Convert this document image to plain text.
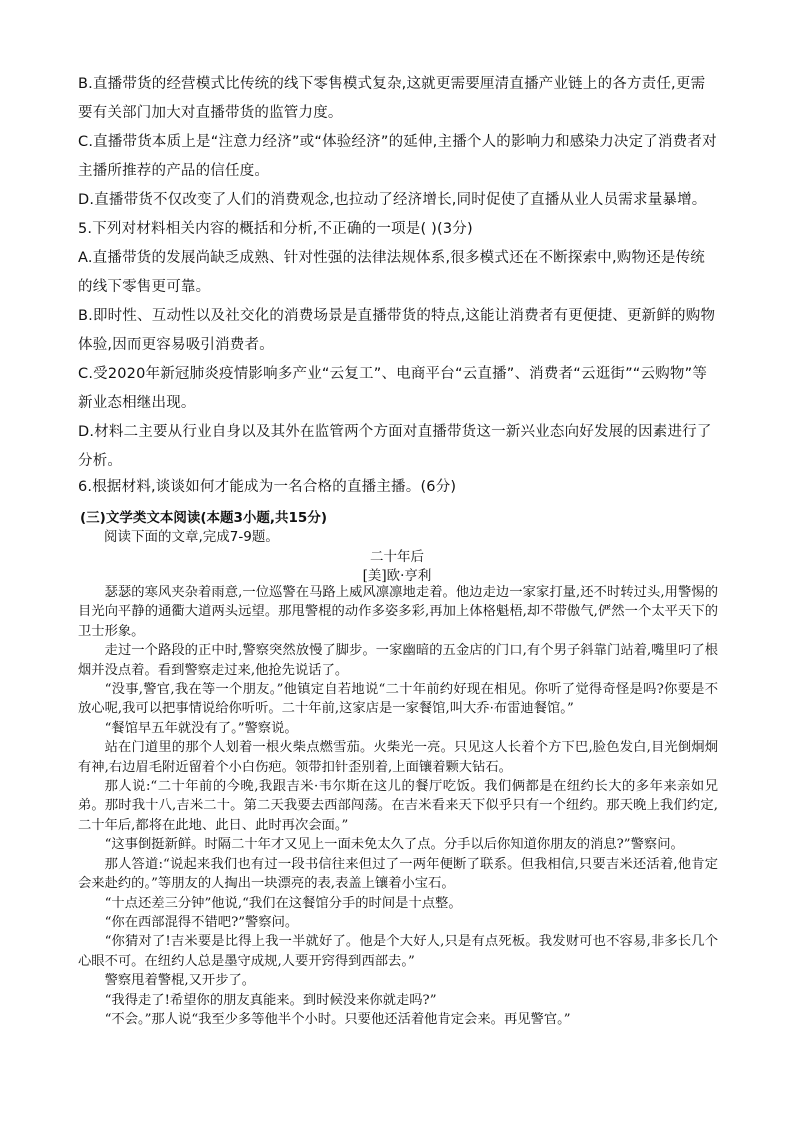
B.直播带货的经营模式比传统的线下零售模式复杂,这就更需要厘清直播产业链上的各方责任,更需要有关部门加大对直播带货的监管力度。
C.直播带货本质上是“注意力经济”或“体验经济”的延伸,主播个人的影响力和感染力决定了消费者对主播所推荐的产品的信任度。
D.直播带货不仅改变了人们的消费观念,也拉动了经济增长,同时促使了直播从业人员需求量暴增。
5.下列对材料相关内容的概括和分析,不正确的一项是( )(3分)
A.直播带货的发展尚缺乏成熟、针对性强的法律法规体系,很多模式还在不断探索中,购物还是传统的线下零售更可靠。
B.即时性、互动性以及社交化的消费场景是直播带货的特点,这能让消费者有更便捷、更新鲜的购物体验,因而更容易吸引消费者。
C.受2020年新冠肺炎疫情影响多产业“云复工”、电商平台“云直播”、消费者“云逛街”“云购物”等新业态相继出现。
D.材料二主要从行业自身以及其外在监管两个方面对直播带货这一新兴业态向好发展的因素进行了分析。
6.根据材料,谈谈如何才能成为一名合格的直播主播。(6分)
(三)文学类文本阅读(本题3小题,共15分)
阅读下面的文章,完成7-9题。
二十年后
[美]欧·亨利

瑟瑟的寒风夹杂着雨意,一位巡警在马路上威风凛凛地走着。他边走边一家家打量,还不时转过头,用警惕的目光向平静的通衢大道两头远望。那甩警棍的动作多姿多彩,再加上体格魁梧,却不带傲气,俨然一个太平天下的卫士形象。

走过一个路段的正中时,警察突然放慢了脚步。一家幽暗的五金店的门口,有个男子斜靠门站着,嘴里叼了根烟并没点着。看到警察走过来,他抢先说话了。

“没事,警官,我在等一个朋友。”他镇定自若地说“二十年前约好现在相见。你听了觉得奇怪是吗?你要是不放心呢,我可以把事情说给你听听。二十年前,这家店是一家餐馆,叫大乔·布雷迪餐馆。”

“餐馆早五年就没有了。”警察说。

站在门道里的那个人划着一根火柴点燃雪茄。火柴光一亮。只见这人长着个方下巴,脸色发白,目光倒炯炯有神,右边眉毛附近留着个小白伤疤。领带扣针歪别着,上面镶着颗大钻石。

那人说:“二十年前的今晚,我跟吉米·韦尔斯在这儿的餐厅吃饭。我们俩都是在纽约长大的多年来亲如兄弟。那时我十八,吉米二十。第二天我要去西部闯荡。在吉米看来天下似乎只有一个纽约。那天晚上我们约定,二十年后,都将在此地、此日、此时再次会面。”

“这事倒挺新鲜。时隔二十年才又见上一面未免太久了点。分手以后你知道你朋友的消息?”警察问。

那人答道:“说起来我们也有过一段书信往来但过了一两年便断了联系。但我相信,只要吉米还活着,他肯定会来赴约的。”等朋友的人掏出一块漂亮的表,表盖上镶着小宝石。

“十点还差三分钟”他说,“我们在这餐馆分手的时间是十点整。

“你在西部混得不错吧?”警察问。

“你猜对了!吉米要是比得上我一半就好了。他是个大好人,只是有点死板。我发财可也不容易,非多长几个心眼不可。在纽约人总是墨守成规,人要开窍得到西部去。”

警察甩着警棍,又开步了。

“我得走了!希望你的朋友真能来。到时候没来你就走吗?”

“不会。”那人说“我至少多等他半个小时。只要他还活着他肯定会来。再见警官。”
